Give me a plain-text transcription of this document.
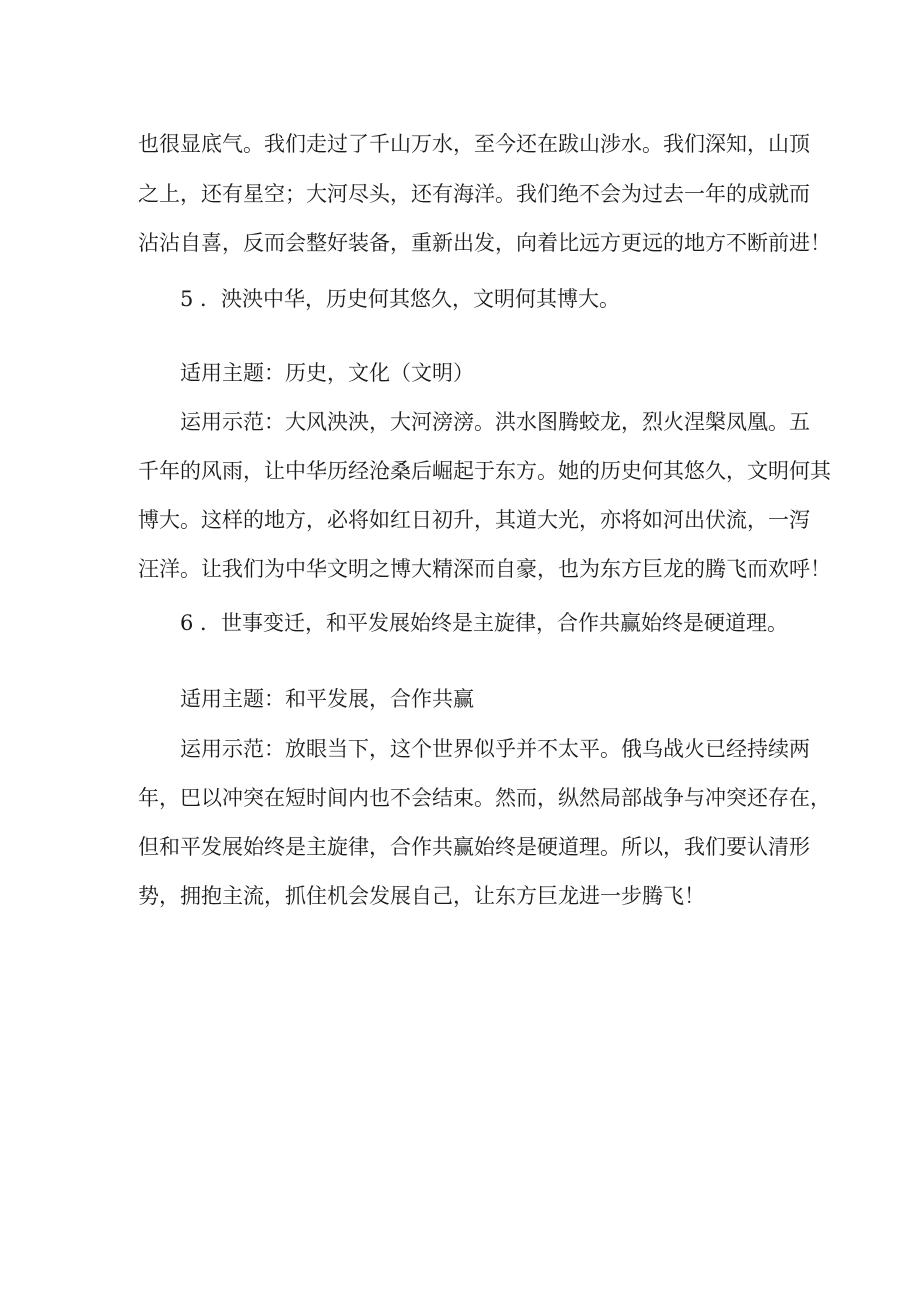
也很显底气。我们走过了千山万水，至今还在跋山涉水。我们深知，山顶

之上，还有星空；大河尽头，还有海洋。我们绝不会为过去一年的成就而

沾沾自喜，反而会整好装备，重新出发，向着比远方更远的地方不断前进！

5 ．泱泱中华，历史何其悠久，文明何其博大。

适用主题：历史，文化（文明）

运用示范：大风泱泱，大河滂滂。洪水图腾蛟龙，烈火涅槃凤凰。五

千年的风雨，让中华历经沧桑后崛起于东方。她的历史何其悠久，文明何其

博大。这样的地方，必将如红日初升，其道大光，亦将如河出伏流，一泻

汪洋。让我们为中华文明之博大精深而自豪，也为东方巨龙的腾飞而欢呼！

6 ．世事变迁，和平发展始终是主旋律，合作共赢始终是硬道理。

适用主题：和平发展，合作共赢

运用示范：放眼当下，这个世界似乎并不太平。俄乌战火已经持续两

年，巴以冲突在短时间内也不会结束。然而，纵然局部战争与冲突还存在，

但和平发展始终是主旋律，合作共赢始终是硬道理。所以，我们要认清形

势，拥抱主流，抓住机会发展自己，让东方巨龙进一步腾飞！
